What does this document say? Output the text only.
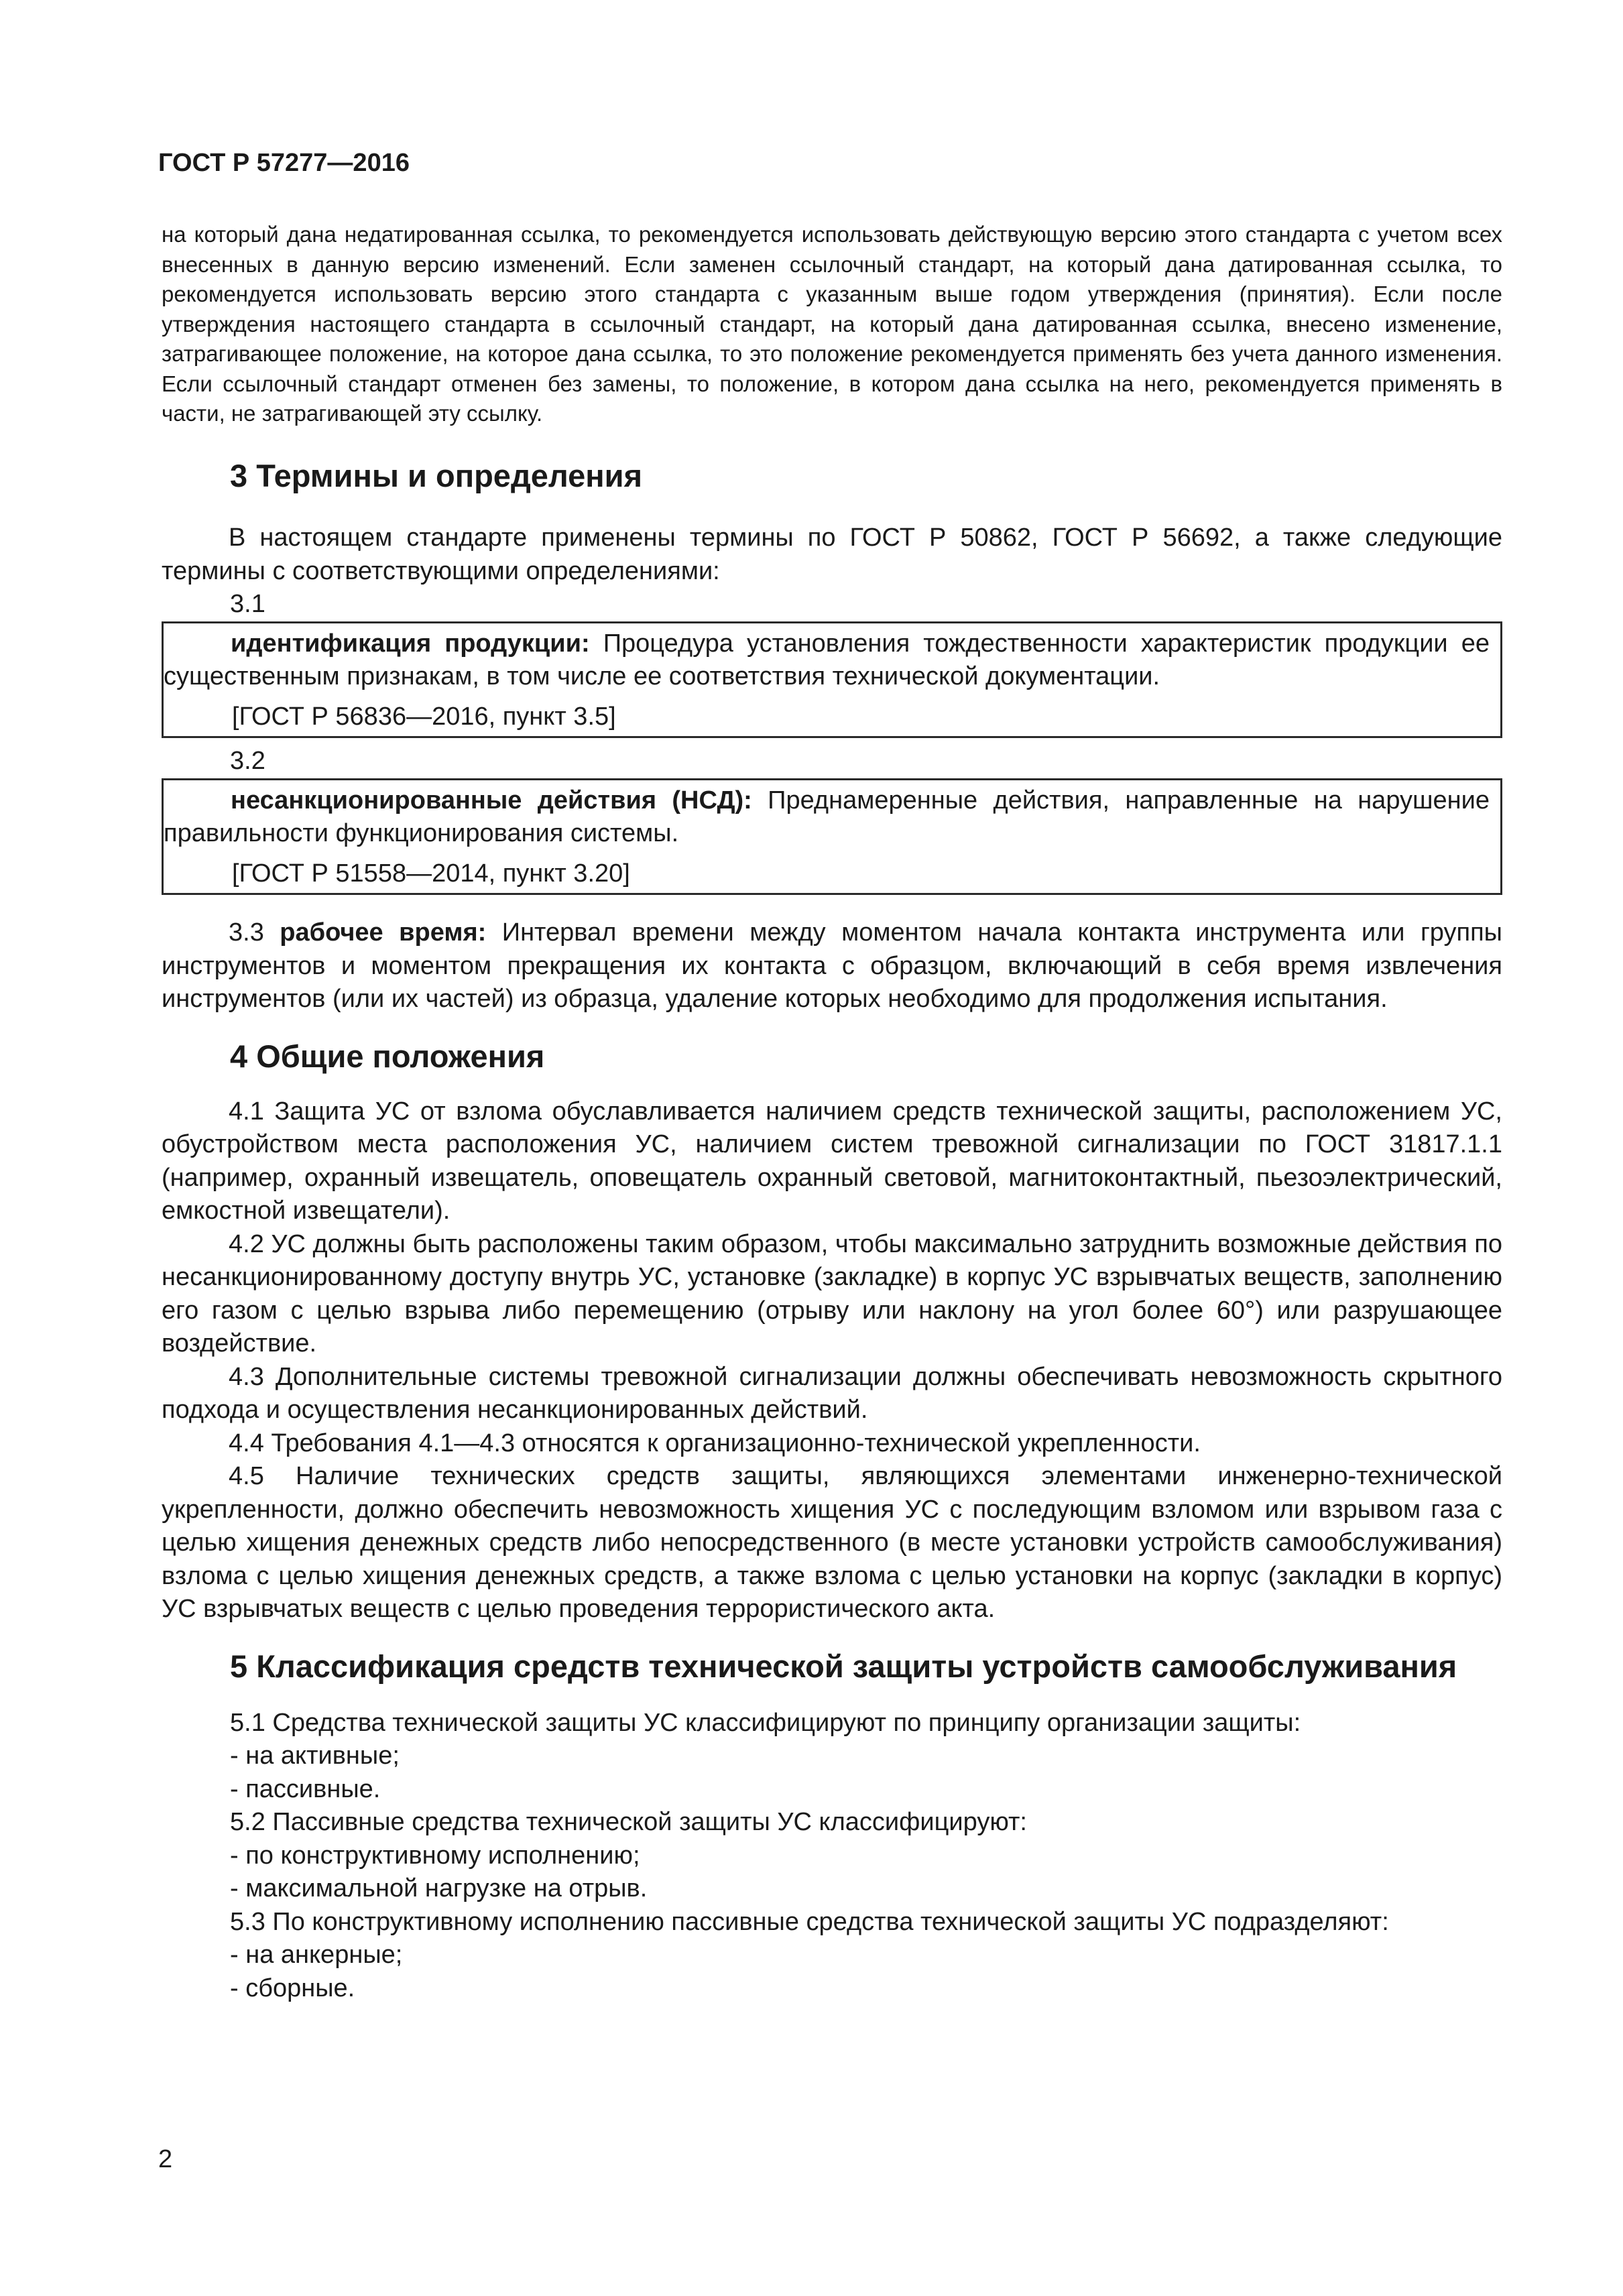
ГОСТ Р 57277—2016

на который дана недатированная ссылка, то рекомендуется использовать действующую версию этого стандарта с учетом всех внесенных в данную версию изменений. Если заменен ссылочный стандарт, на который дана датированная ссылка, то рекомендуется использовать версию этого стандарта с указанным выше годом утверждения (принятия). Если после утверждения настоящего стандарта в ссылочный стандарт, на который дана датированная ссылка, внесено изменение, затрагивающее положение, на которое дана ссылка, то это положение рекомендуется применять без учета данного изменения. Если ссылочный стандарт отменен без замены, то положение, в котором дана ссылка на него, рекомендуется применять в части, не затрагивающей эту ссылку.

3 Термины и определения

В настоящем стандарте применены термины по ГОСТ Р 50862, ГОСТ Р 56692, а также следующие термины с соответствующими определениями:

3.1

идентификация продукции: Процедура установления тождественности характеристик продукции ее существенным признакам, в том числе ее соответствия технической документации.

[ГОСТ Р 56836—2016, пункт 3.5]

3.2

несанкционированные действия (НСД): Преднамеренные действия, направленные на нарушение правильности функционирования системы.

[ГОСТ Р 51558—2014, пункт 3.20]

3.3 рабочее время: Интервал времени между моментом начала контакта инструмента или группы инструментов и моментом прекращения их контакта с образцом, включающий в себя время извлечения инструментов (или их частей) из образца, удаление которых необходимо для продолжения испытания.

4 Общие положения

4.1 Защита УС от взлома обуславливается наличием средств технической защиты, расположением УС, обустройством места расположения УС, наличием систем тревожной сигнализации по ГОСТ 31817.1.1 (например, охранный извещатель, оповещатель охранный световой, магнитоконтактный, пьезоэлектрический, емкостной извещатели).

4.2 УС должны быть расположены таким образом, чтобы максимально затруднить возможные действия по несанкционированному доступу внутрь УС, установке (закладке) в корпус УС взрывчатых веществ, заполнению его газом с целью взрыва либо перемещению (отрыву или наклону на угол более 60°) или разрушающее воздействие.

4.3 Дополнительные системы тревожной сигнализации должны обеспечивать невозможность скрытного подхода и осуществления несанкционированных действий.

4.4 Требования 4.1—4.3 относятся к организационно-технической укрепленности.

4.5 Наличие технических средств защиты, являющихся элементами инженерно-технической укрепленности, должно обеспечить невозможность хищения УС с последующим взломом или взрывом газа с целью хищения денежных средств либо непосредственного (в месте установки устройств самообслуживания) взлома с целью хищения денежных средств, а также взлома с целью установки на корпус (закладки в корпус) УС взрывчатых веществ с целью проведения террористического акта.

5 Классификация средств технической защиты устройств самообслуживания
5.1 Средства технической защиты УС классифицируют по принципу организации защиты:
- на активные;
- пассивные.
5.2 Пассивные средства технической защиты УС классифицируют:
- по конструктивному исполнению;
- максимальной нагрузке на отрыв.
5.3 По конструктивному исполнению пассивные средства технической защиты УС подразделяют:
- на анкерные;
- сборные.
2
